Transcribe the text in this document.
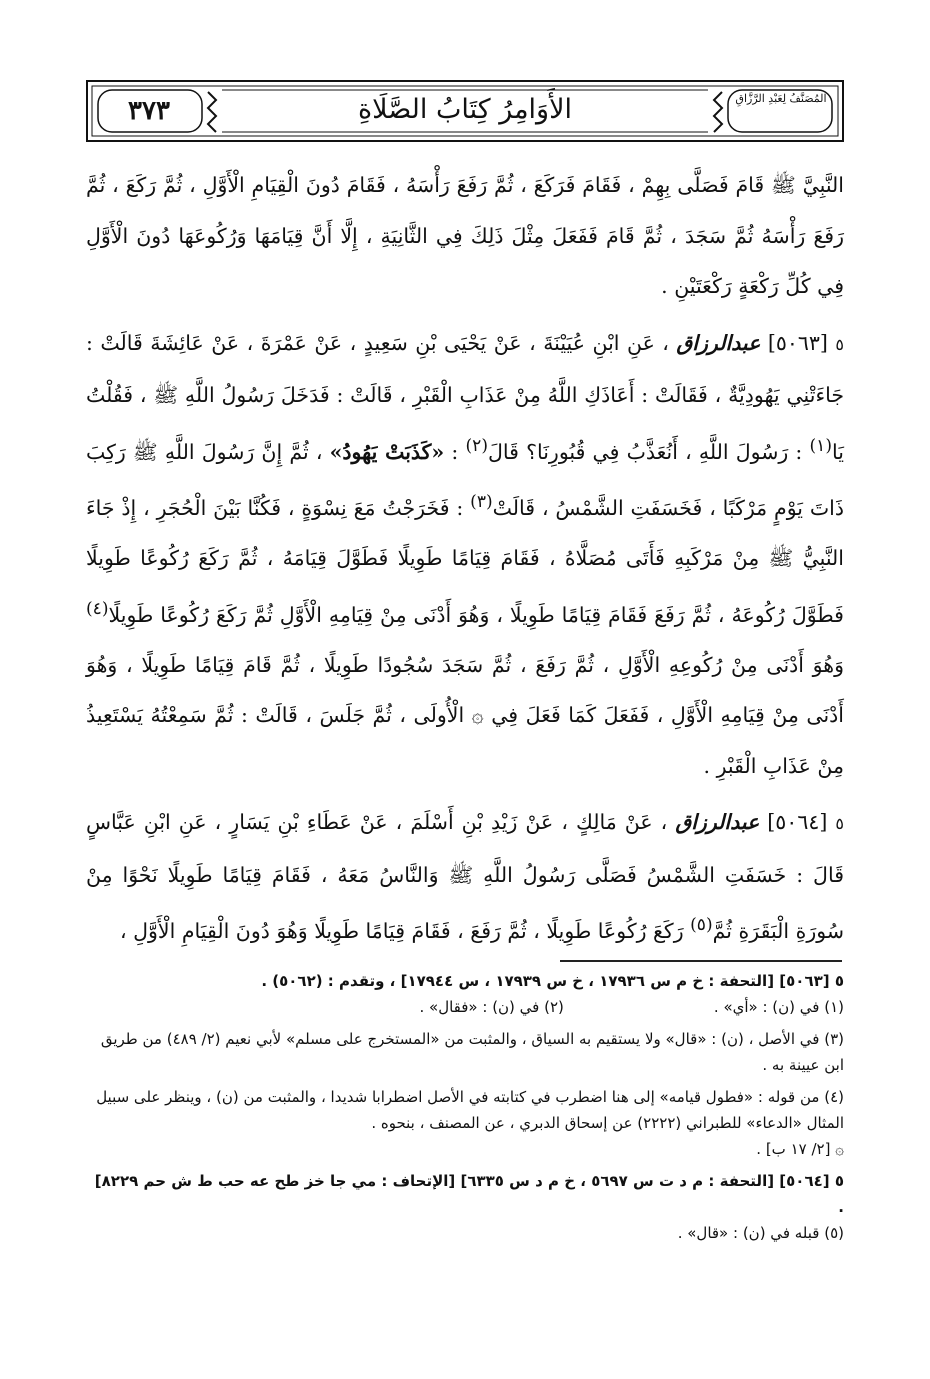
٣٧٣	الأَوَامِرُ كِتَابُ الصَّلَاةِ	المُصَنَّفُ لِعَبْدِ الرَّزَّاقِ

النَّبِيَّ ﷺ قَامَ فَصَلَّى بِهِمْ ، فَقَامَ فَرَكَعَ ، ثُمَّ رَفَعَ رَأْسَهُ ، فَقَامَ دُونَ الْقِيَامِ الْأَوَّلِ ، ثُمَّ رَكَعَ ، ثُمَّ رَفَعَ رَأْسَهُ ثُمَّ سَجَدَ ، ثُمَّ قَامَ فَفَعَلَ مِثْلَ ذَلِكَ فِي الثَّانِيَةِ ، إِلَّا أَنَّ قِيَامَهَا وَرُكُوعَهَا دُونَ الْأَوَّلِ فِي كُلِّ رَكْعَةٍ رَكْعَتَيْنِ .

٥ [٥٠٦٣] عبدالرزاق ، عَنِ ابْنِ عُيَيْنَةَ ، عَنْ يَحْيَى بْنِ سَعِيدٍ ، عَنْ عَمْرَةَ ، عَنْ عَائِشَةَ قَالَتْ : جَاءَتْنِي يَهُودِيَّةٌ ، فَقَالَتْ : أَعَاذَكِ اللَّهُ مِنْ عَذَابِ الْقَبْرِ ، قَالَتْ : فَدَخَلَ رَسُولُ اللَّهِ ﷺ ، فَقُلْتُ يَا$^{(١)}$ : رَسُولَ اللَّهِ ، أَنُعَذَّبُ فِي قُبُورِنَا؟ قَالَ$^{(٢)}$ : «كَذَبَتْ يَهُودُ» ، ثُمَّ إِنَّ رَسُولَ اللَّهِ ﷺ رَكِبَ ذَاتَ يَوْمٍ مَرْكَبًا ، فَخَسَفَتِ الشَّمْسُ ، قَالَتْ$^{(٣)}$ : فَخَرَجْتُ مَعَ نِسْوَةٍ ، فَكُنَّا بَيْنَ الْحُجَرِ ، إِذْ جَاءَ النَّبِيُّ ﷺ مِنْ مَرْكَبِهِ فَأَتَى مُصَلَّاهُ ، فَقَامَ قِيَامًا طَوِيلًا فَطَوَّلَ قِيَامَهُ ، ثُمَّ رَكَعَ رُكُوعًا طَوِيلًا فَطَوَّلَ رُكُوعَهُ ، ثُمَّ رَفَعَ فَقَامَ قِيَامًا طَوِيلًا ، وَهُوَ أَدْنَى مِنْ قِيَامِهِ الْأَوَّلِ ثُمَّ رَكَعَ رُكُوعًا طَوِيلًا$^{(٤)}$ وَهُوَ أَدْنَى مِنْ رُكُوعِهِ الْأَوَّلِ ، ثُمَّ رَفَعَ ، ثُمَّ سَجَدَ سُجُودًا طَوِيلًا ، ثُمَّ قَامَ قِيَامًا طَوِيلًا ، وَهُوَ أَدْنَى مِنْ قِيَامِهِ الْأَوَّلِ ، فَفَعَلَ كَمَا فَعَلَ فِي ۞ الْأُولَى ، ثُمَّ جَلَسَ ، قَالَتْ : ثُمَّ سَمِعْتُهُ يَسْتَعِيذُ مِنْ عَذَابِ الْقَبْرِ .

٥ [٥٠٦٤] عبدالرزاق ، عَنْ مَالِكٍ ، عَنْ زَيْدِ بْنِ أَسْلَمَ ، عَنْ عَطَاءِ بْنِ يَسَارٍ ، عَنِ ابْنِ عَبَّاسٍ قَالَ : خَسَفَتِ الشَّمْسُ فَصَلَّى رَسُولُ اللَّهِ ﷺ وَالنَّاسُ مَعَهُ ، فَقَامَ قِيَامًا طَوِيلًا نَحْوًا مِنْ سُورَةِ الْبَقَرَةِ ثُمَّ$^{(٥)}$ رَكَعَ رُكُوعًا طَوِيلًا ، ثُمَّ رَفَعَ ، فَقَامَ قِيَامًا طَوِيلًا وَهُوَ دُونَ الْقِيَامِ الْأَوَّلِ ،

٥ [٥٠٦٣] [التحفة : خ م س ١٧٩٣٦ ، خ س ١٧٩٣٩ ، س ١٧٩٤٤] ، وتقدم : (٥٠٦٢) .

(١) في (ن) : «أي» .
(٢) في (ن) : «فقال» .

(٣) في الأصل ، (ن) : «قال» ولا يستقيم به السياق ، والمثبت من «المستخرج على مسلم» لأبي نعيم (٢/ ٤٨٩) من طريق ابن عيينة به .

(٤) من قوله : «فطول قيامه» إلى هنا اضطرب في كتابته في الأصل اضطرابا شديدا ، والمثبت من (ن) ، وينظر على سبيل المثال «الدعاء» للطبراني (٢٢٢٢) عن إسحاق الدبري ، عن المصنف ، بنحوه .

۞ [٢/ ١٧ ب] .

٥ [٥٠٦٤] [التحفة : م د ت س ٥٦٩٧ ، خ م د س ٦٣٣٥] [الإتحاف : مي جا خز طح عه حب ط ش حم ٨٢٢٩] .

(٥) قبله في (ن) : «قال» .
